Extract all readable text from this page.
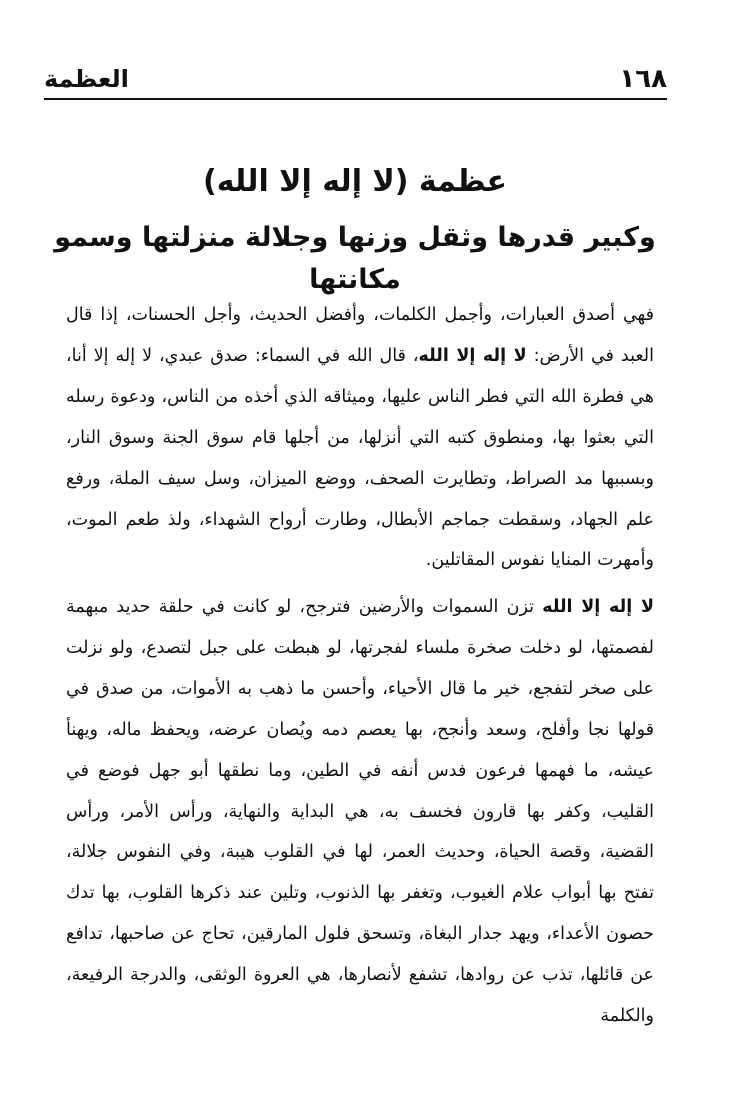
١٦٨
العظمة
عظمة (لا إله إلا الله)
وكبير قدرها وثقل وزنها وجلالة منزلتها وسمو مكانتها

فهي أصدق العبارات، وأجمل الكلمات، وأفضل الحديث، وأجل الحسنات، إذا قال العبد في الأرض: لا إله إلا الله، قال الله في السماء: صدق عبدي، لا إله إلا أنا، هي فطرة الله التي فطر الناس عليها، وميثاقه الذي أخذه من الناس، ودعوة رسله التي بعثوا بها، ومنطوق كتبه التي أنزلها، من أجلها قام سوق الجنة وسوق النار، وبسببها مد الصراط، وتطايرت الصحف، ووضع الميزان، وسل سيف الملة، ورفع علم الجهاد، وسقطت جماجم الأبطال، وطارت أرواح الشهداء، ولذ طعم الموت، وأمهرت المنايا نفوس المقاتلين.

لا إله إلا الله تزن السموات والأرضين فترجح، لو كانت في حلقة حديد مبهمة لفصمتها، لو دخلت صخرة ملساء لفجرتها، لو هبطت على جبل لتصدع، ولو نزلت على صخر لتفجع، خير ما قال الأحياء، وأحسن ما ذهب به الأموات، من صدق في قولها نجا وأفلح، وسعد وأنجح، بها يعصم دمه ويُصان عرضه، ويحفظ ماله، ويهنأ عيشه، ما فهمها فرعون فدس أنفه في الطين، وما نطقها أبو جهل فوضع في القليب، وكفر بها قارون فخسف به، هي البداية والنهاية، ورأس الأمر، ورأس القضية، وقصة الحياة، وحديث العمر، لها في القلوب هيبة، وفي النفوس جلالة، تفتح بها أبواب علام الغيوب، وتغفر بها الذنوب، وتلين عند ذكرها القلوب، بها تدك حصون الأعداء، ويهد جدار البغاة، وتسحق فلول المارقين، تحاج عن صاحبها، تدافع عن قائلها، تذب عن روادها، تشفع لأنصارها، هي العروة الوثقى، والدرجة الرفيعة، والكلمة
